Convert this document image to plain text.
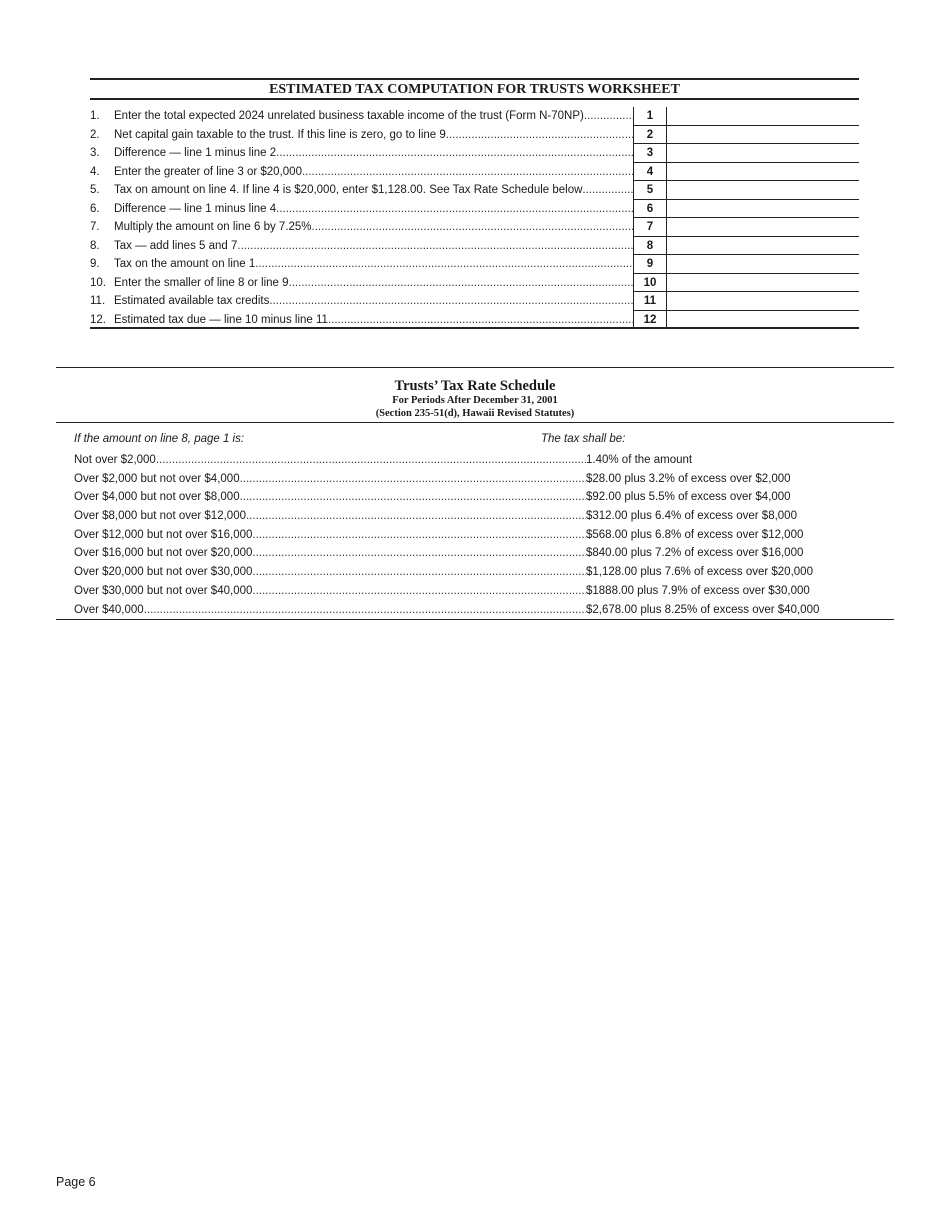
ESTIMATED TAX COMPUTATION FOR TRUSTS WORKSHEET
1.	Enter the total expected 2024 unrelated business taxable income of the trust (Form N-70NP) .....	1
2.	Net capital gain taxable to the trust. If this line is zero, go to line 9 .....	2
3.	Difference — line 1 minus line 2 .....	3
4.	Enter the greater of line 3 or $20,000 .....	4
5.	Tax on amount on line 4. If line 4 is $20,000, enter $1,128.00. See Tax Rate Schedule below .....	5
6.	Difference — line 1 minus line 4 .....	6
7.	Multiply the amount on line 6 by 7.25% .....	7
8.	Tax — add lines 5 and 7 .....	8
9.	Tax on the amount on line 1 .....	9
10. Enter the smaller of line 8 or line 9 .....	10
11. Estimated available tax credits .....	11
12. Estimated tax due — line 10 minus line 11 .....	12
Trusts’ Tax Rate Schedule
For Periods After December 31, 2001
(Section 235-51(d), Hawaii Revised Statutes)
If the amount on line 8, page 1 is:	The tax shall be:
Not over $2,000 .....	1.40% of the amount
Over $2,000 but not over $4,000 .....	$28.00 plus 3.2% of excess over $2,000
Over $4,000 but not over $8,000 .....	$92.00 plus 5.5% of excess over $4,000
Over $8,000 but not over $12,000 .....	$312.00 plus 6.4% of excess over $8,000
Over $12,000 but not over $16,000 .....	$568.00 plus 6.8% of excess over $12,000
Over $16,000 but not over $20,000 .....	$840.00 plus 7.2% of excess over $16,000
Over $20,000 but not over $30,000 .....	$1,128.00 plus 7.6% of excess over $20,000
Over $30,000 but not over $40,000 .....	$1888.00 plus 7.9% of excess over $30,000
Over $40,000 .....	$2,678.00 plus 8.25% of excess over $40,000
Page 6
